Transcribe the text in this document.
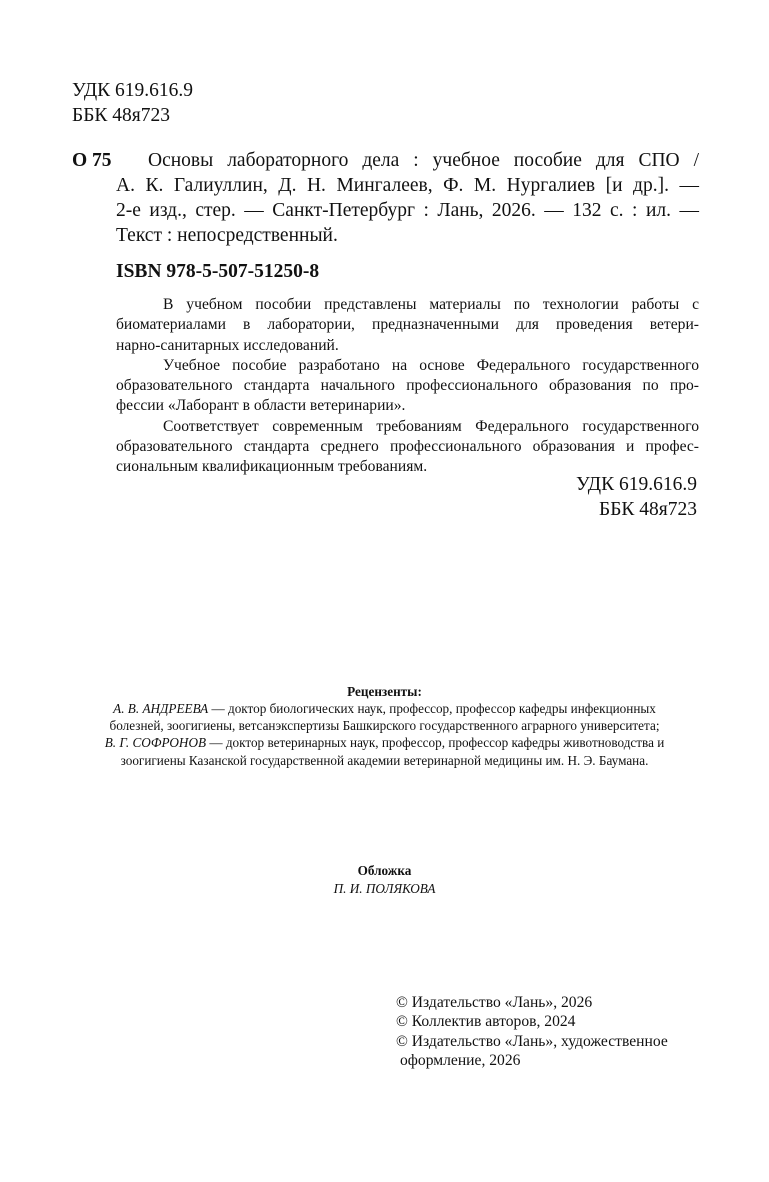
УДК 619.616.9
ББК 48я723
О 75	Основы лабораторного дела : учебное пособие для СПО /
А. К. Галиуллин, Д. Н. Мингалеев, Ф. М. Нургалиев [и др.]. —
2-е изд., стер. — Санкт-Петербург : Лань, 2026. — 132 с. : ил. —
Текст : непосредственный.
ISBN 978-5-507-51250-8
В учебном пособии представлены материалы по технологии работы с
биоматериалами в лаборатории, предназначенными для проведения ветери-
нарно-санитарных исследований.
Учебное пособие разработано на основе Федерального государственного
образовательного стандарта начального профессионального образования по про-
фессии «Лаборант в области ветеринарии».
Соответствует современным требованиям Федерального государственного
образовательного стандарта среднего профессионального образования и профес-
сиональным квалификационным требованиям.
УДК 619.616.9
ББК 48я723
Рецензенты:
А. В. АНДРЕЕВА — доктор биологических наук, профессор, профессор кафедры инфекционных
болезней, зоогигиены, ветсанэкспертизы Башкирского государственного аграрного университета;
В. Г. СОФРОНОВ — доктор ветеринарных наук, профессор, профессор кафедры животноводства и
зоогигиены Казанской государственной академии ветеринарной медицины им. Н. Э. Баумана.
Обложка
П. И. ПОЛЯКОВА
© Издательство «Лань», 2026
© Коллектив авторов, 2024
© Издательство «Лань», художественное
оформление, 2026
